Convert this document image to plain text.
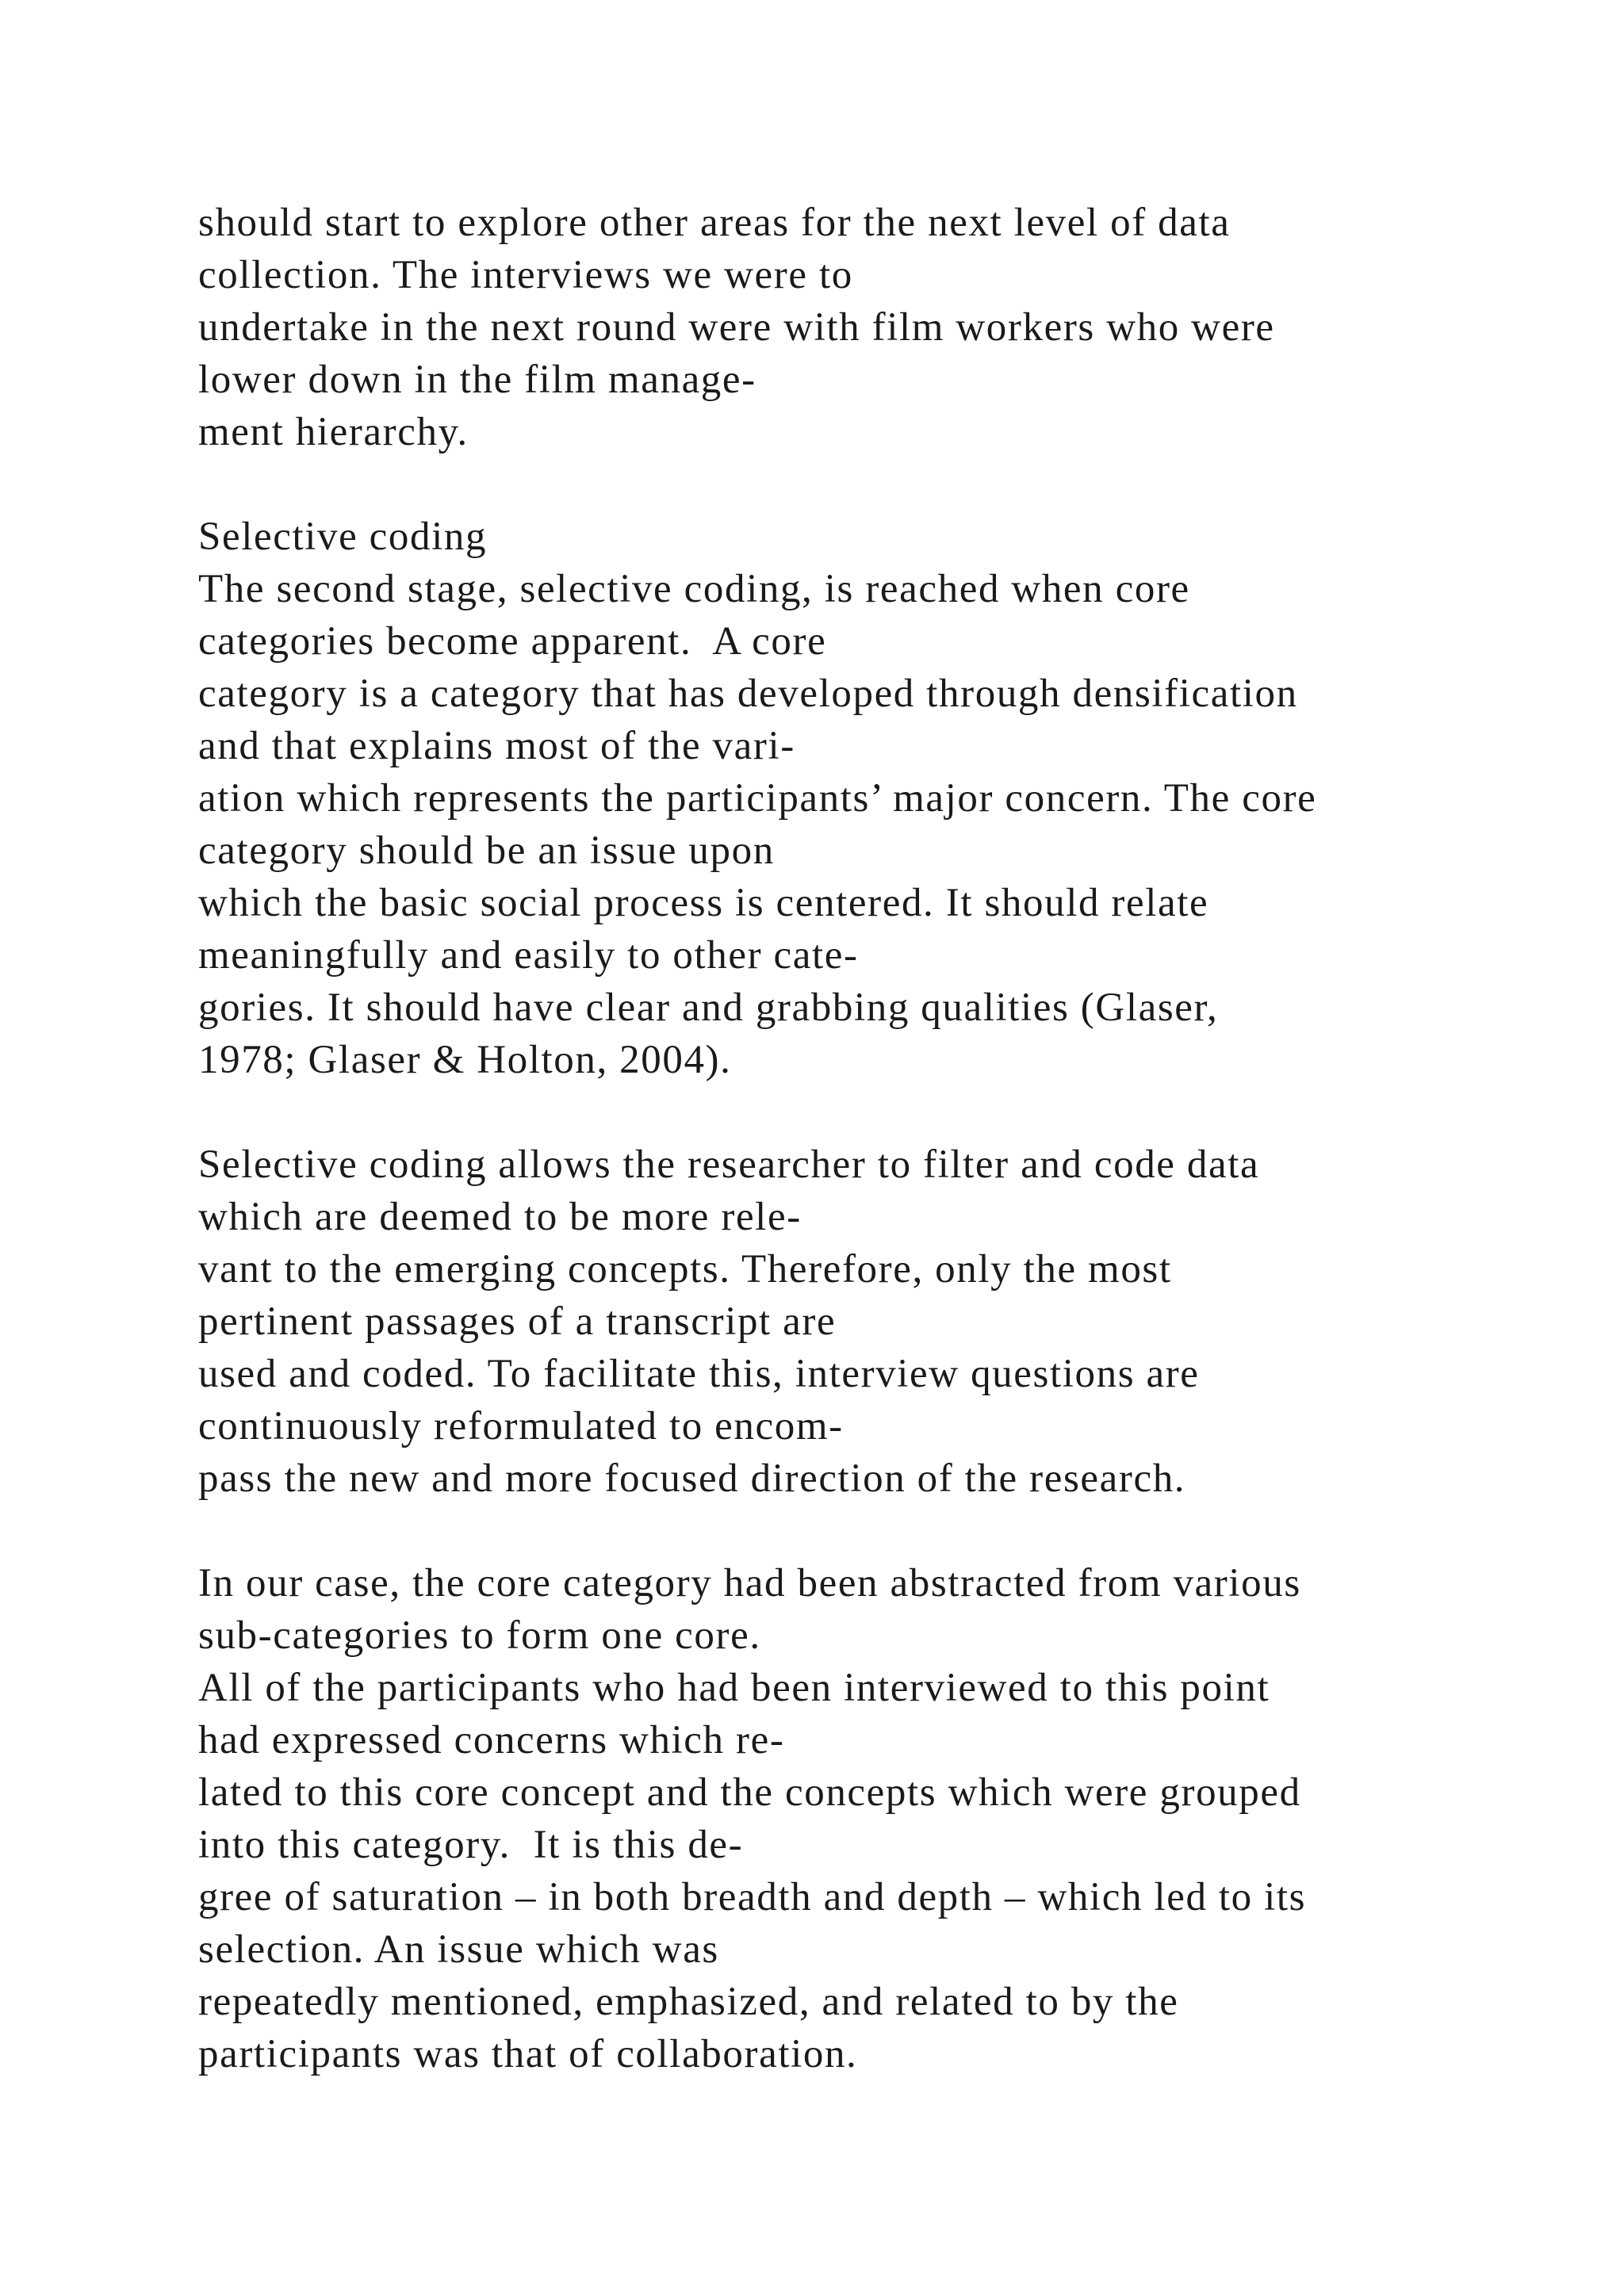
should start to explore other areas for the next level of data
collection. The interviews we were to
undertake in the next round were with film workers who were
lower down in the film manage-
ment hierarchy.
Selective coding
The second stage, selective coding, is reached when core
categories become apparent.  A core
category is a category that has developed through densification
and that explains most of the vari-
ation which represents the participants’ major concern. The core
category should be an issue upon
which the basic social process is centered. It should relate
meaningfully and easily to other cate-
gories. It should have clear and grabbing qualities (Glaser,
1978; Glaser & Holton, 2004).
Selective coding allows the researcher to filter and code data
which are deemed to be more rele-
vant to the emerging concepts. Therefore, only the most
pertinent passages of a transcript are
used and coded. To facilitate this, interview questions are
continuously reformulated to encom-
pass the new and more focused direction of the research.
In our case, the core category had been abstracted from various
sub-categories to form one core.
All of the participants who had been interviewed to this point
had expressed concerns which re-
lated to this core concept and the concepts which were grouped
into this category.  It is this de-
gree of saturation – in both breadth and depth – which led to its
selection. An issue which was
repeatedly mentioned, emphasized, and related to by the
participants was that of collaboration.
